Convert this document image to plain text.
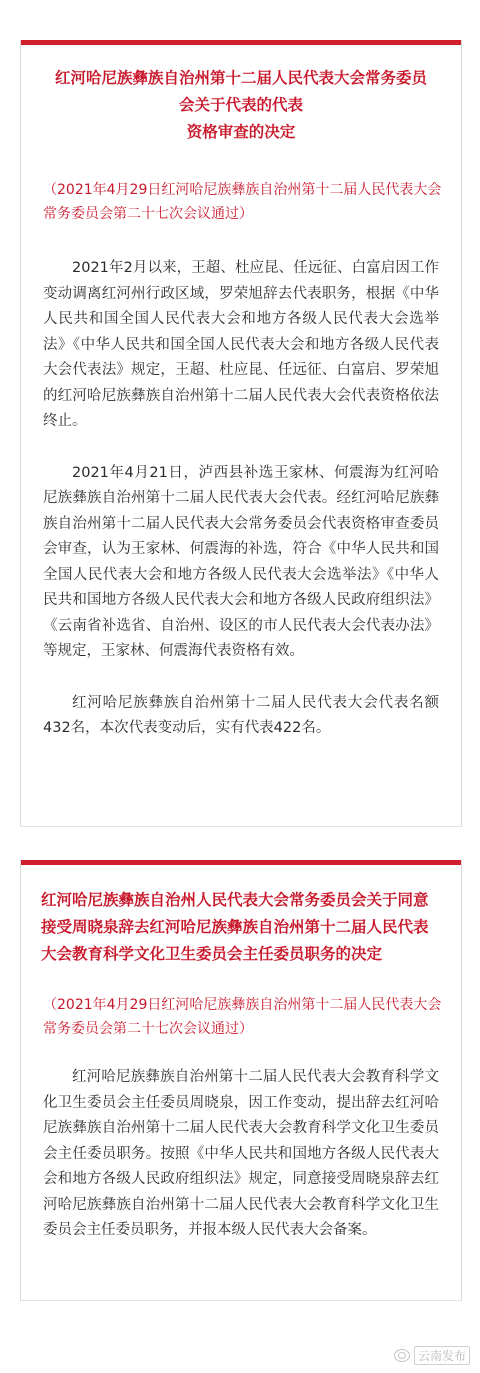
红河哈尼族彝族自治州第十二届人民代表大会常务委员
会关于代表的代表
资格审查的决定
（2021年4月29日红河哈尼族彝族自治州第十二届人民代表大会常务委员会第二十七次会议通过）

2021年2月以来，王超、杜应昆、任远征、白富启因工作变动调离红河州行政区域，罗荣旭辞去代表职务，根据《中华人民共和国全国人民代表大会和地方各级人民代表大会选举法》《中华人民共和国全国人民代表大会和地方各级人民代表大会代表法》规定，王超、杜应昆、任远征、白富启、罗荣旭的红河哈尼族彝族自治州第十二届人民代表大会代表资格依法终止。

2021年4月21日，泸西县补选王家林、何震海为红河哈尼族彝族自治州第十二届人民代表大会代表。经红河哈尼族彝族自治州第十二届人民代表大会常务委员会代表资格审查委员会审查，认为王家林、何震海的补选，符合《中华人民共和国全国人民代表大会和地方各级人民代表大会选举法》《中华人民共和国地方各级人民代表大会和地方各级人民政府组织法》《云南省补选省、自治州、设区的市人民代表大会代表办法》等规定，王家林、何震海代表资格有效。

红河哈尼族彝族自治州第十二届人民代表大会代表名额432名，本次代表变动后，实有代表422名。

红河哈尼族彝族自治州人民代表大会常务委员会关于同意接受周晓泉辞去红河哈尼族彝族自治州第十二届人民代表大会教育科学文化卫生委员会主任委员职务的决定
（2021年4月29日红河哈尼族彝族自治州第十二届人民代表大会常务委员会第二十七次会议通过）

红河哈尼族彝族自治州第十二届人民代表大会教育科学文化卫生委员会主任委员周晓泉，因工作变动，提出辞去红河哈尼族彝族自治州第十二届人民代表大会教育科学文化卫生委员会主任委员职务。按照《中华人民共和国地方各级人民代表大会和地方各级人民政府组织法》规定，同意接受周晓泉辞去红河哈尼族彝族自治州第十二届人民代表大会教育科学文化卫生委员会主任委员职务，并报本级人民代表大会备案。

云南发布
